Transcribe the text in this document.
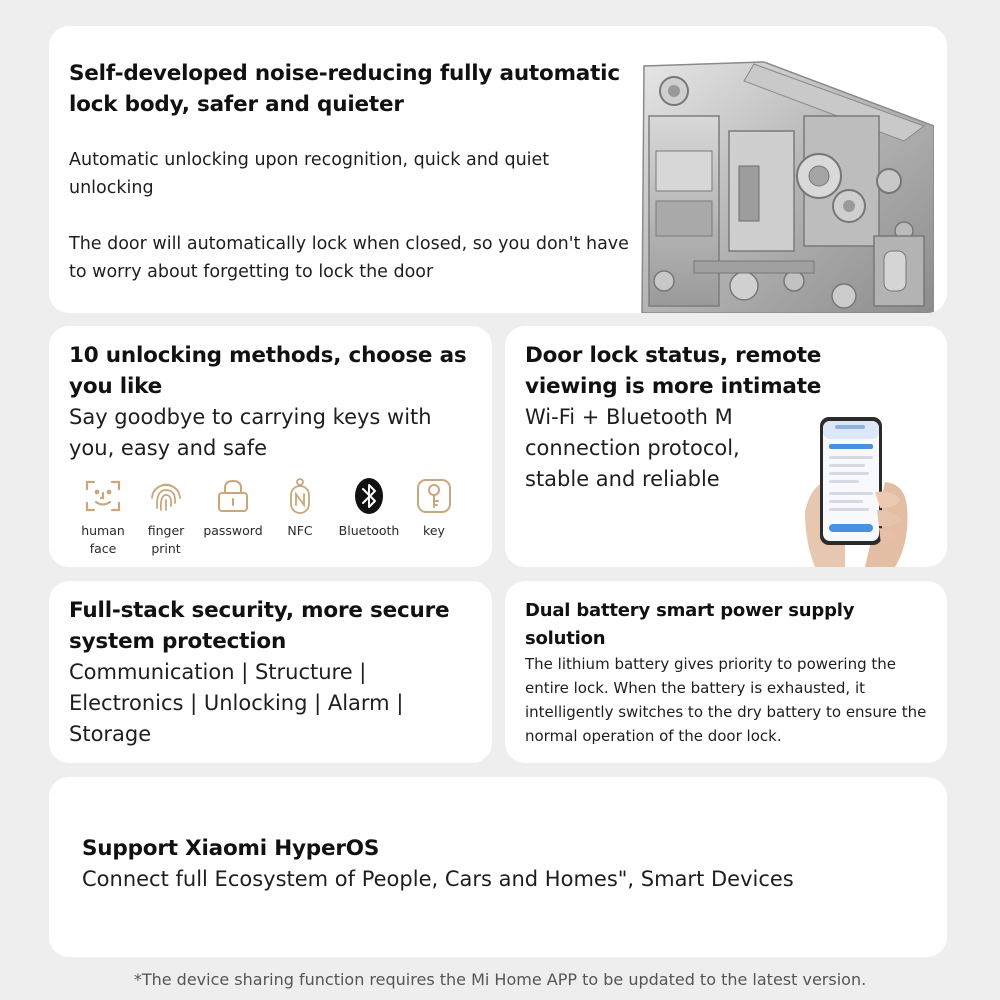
Self-developed noise-reducing fully automatic lock body, safer and quieter
Automatic unlocking upon recognition, quick and quiet unlocking
The door will automatically lock when closed, so you don't have to worry about forgetting to lock the door
10 unlocking methods, choose as you like
Say goodbye to carrying keys with you, easy and safe
human face
finger print
password	NFC	Bluetooth	key
Door lock status, remote viewing is more intimate
Wi-Fi + Bluetooth M connection protocol, stable and reliable
Full-stack security, more secure system protection
Communication | Structure | Electronics | Unlocking | Alarm | Storage
Dual battery smart power supply solution
The lithium battery gives priority to powering the entire lock. When the battery is exhausted, it intelligently switches to the dry battery to ensure the normal operation of the door lock.
Support Xiaomi HyperOS
Connect full Ecosystem of People, Cars and Homes", Smart Devices
*The device sharing function requires the Mi Home APP to be updated to the latest version.
